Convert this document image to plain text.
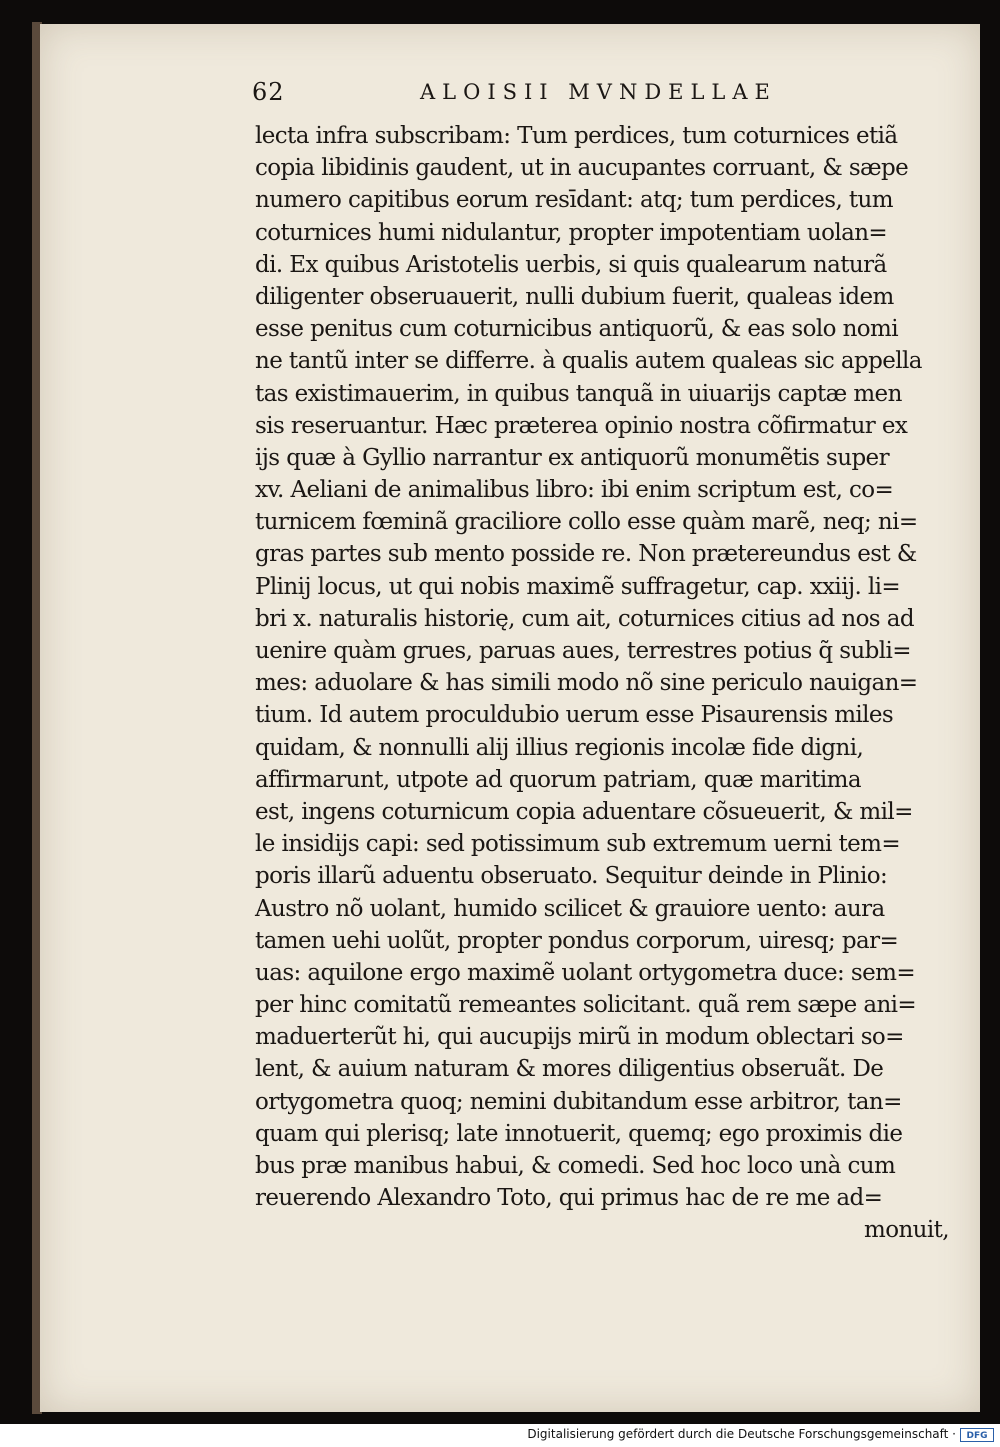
62	ALOISII MVNDELLAE
lecta infra subscribam: Tum perdices, tum coturnices etiã
copia libidinis gaudent, ut in aucupantes corruant, & sæpe
numero capitibus eorum resīdant: atq; tum perdices, tum
coturnices humi nidulantur, propter impotentiam uolan=
di. Ex quibus Aristotelis uerbis, si quis qualearum naturã
diligenter obseruauerit, nulli dubium fuerit, qualeas idem
esse penitus cum coturnicibus antiquorũ, & eas solo nomi
ne tantũ inter se differre. à qualis autem qualeas sic appella
tas existimauerim, in quibus tanquã in uiuarijs captæ men
sis reseruantur. Hæc præterea opinio nostra cõfirmatur ex
ijs quæ à Gyllio narrantur ex antiquorũ monumẽtis super
xv. Aeliani de animalibus libro: ibi enim scriptum est, co=
turnicem fœminã graciliore collo esse quàm marẽ, neq; ni=
gras partes sub mento posside re. Non prætereundus est &
Plinij locus, ut qui nobis maximẽ suffragetur, cap. xxiij. li=
bri x. naturalis historię, cum ait, coturnices citius ad nos ad
uenire quàm grues, paruas aues, terrestres potius q̃ subli=
mes: aduolare & has simili modo nõ sine periculo nauigan=
tium. Id autem proculdubio uerum esse Pisaurensis miles
quidam, & nonnulli alij illius regionis incolæ fide digni,
affirmarunt, utpote ad quorum patriam, quæ maritima
est, ingens coturnicum copia aduentare cõsueuerit, & mil=
le insidijs capi: sed potissimum sub extremum uerni tem=
poris illarũ aduentu obseruato. Sequitur deinde in Plinio:
Austro nõ uolant, humido scilicet & grauiore uento: aura
tamen uehi uolũt, propter pondus corporum, uiresq; par=
uas: aquilone ergo maximẽ uolant ortygometra duce: sem=
per hinc comitatũ remeantes solicitant. quã rem sæpe ani=
maduerterũt hi, qui aucupijs mirũ in modum oblectari so=
lent, & auium naturam & mores diligentius obseruãt. De
ortygometra quoq; nemini dubitandum esse arbitror, tan=
quam qui plerisq; late innotuerit, quemq; ego proximis die
bus præ manibus habui, & comedi. Sed hoc loco unà cum
reuerendo Alexandro Toto, qui primus hac de re me ad=
monuit,
Digitalisierung gefördert durch die Deutsche Forschungsgemeinschaft ·	DFG
